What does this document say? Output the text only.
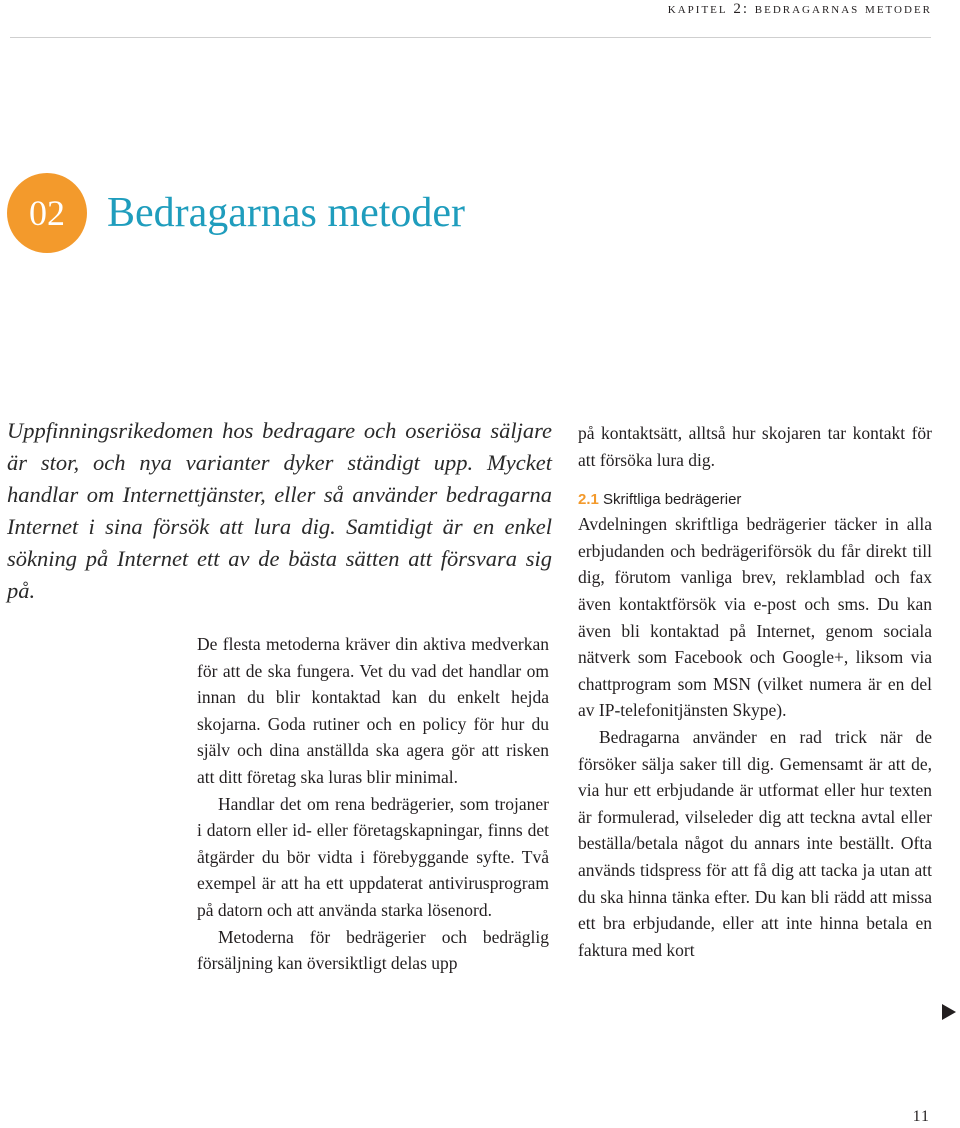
kapitel 2: bedragarnas metoder
02	Bedragarnas metoder

Uppfinningsrikedomen hos bedragare och oseriösa säljare är stor, och nya varianter dyker ständigt upp. Mycket handlar om Internettjänster, eller så använder bedragarna Internet i sina försök att lura dig. Samtidigt är en enkel sökning på Internet ett av de bästa sätten att försvara sig på.

De flesta metoderna kräver din aktiva medverkan för att de ska fungera. Vet du vad det handlar om innan du blir kontaktad kan du enkelt hejda skojarna. Goda rutiner och en policy för hur du själv och dina anställda ska agera gör att risken att ditt företag ska luras blir minimal.

Handlar det om rena bedrägerier, som trojaner i datorn eller id- eller företagskapningar, finns det åtgärder du bör vidta i förebyggande syfte. Två exempel är att ha ett uppdaterat antivirusprogram på datorn och att använda starka lösenord.

Metoderna för bedrägerier och bedräglig försäljning kan översiktligt delas upp

på kontaktsätt, alltså hur skojaren tar kontakt för att försöka lura dig.

2.1 Skriftliga bedrägerier

Avdelningen skriftliga bedrägerier täcker in alla erbjudanden och bedrägeriförsök du får direkt till dig, förutom vanliga brev, reklamblad och fax även kontaktförsök via e-post och sms. Du kan även bli kontaktad på Internet, genom sociala nätverk som Facebook och Google+, liksom via chattprogram som MSN (vilket numera är en del av IP-telefonitjänsten Skype).

Bedragarna använder en rad trick när de försöker sälja saker till dig. Gemensamt är att de, via hur ett erbjudande är utformat eller hur texten är formulerad, vilseleder dig att teckna avtal eller beställa/betala något du annars inte beställt. Ofta används tidspress för att få dig att tacka ja utan att du ska hinna tänka efter. Du kan bli rädd att missa ett bra erbjudande, eller att inte hinna betala en faktura med kort

11
